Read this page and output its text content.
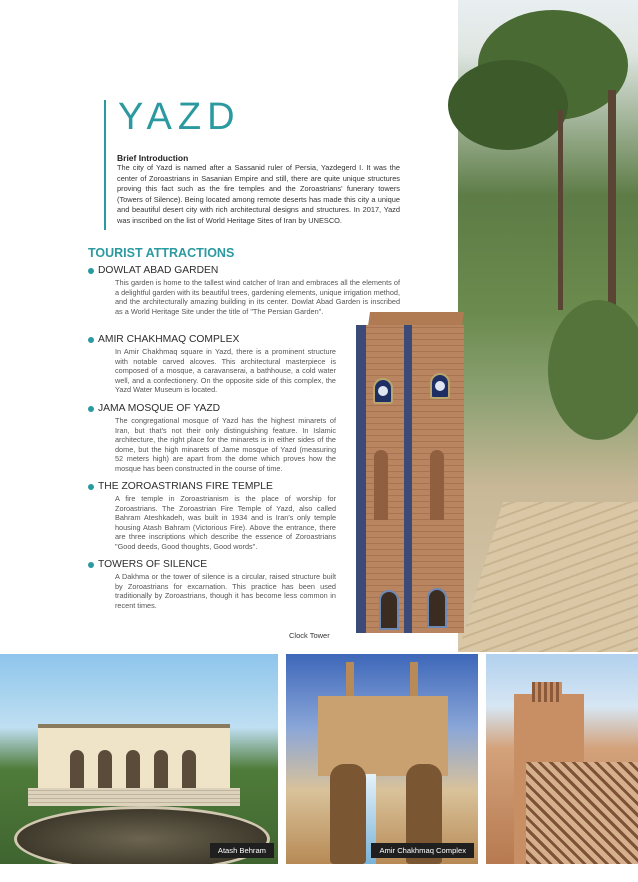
YAZD
Brief Introduction

The city of Yazd is named after a Sassanid ruler of Persia, Yazdegerd I. It was the center of Zoroastrians in Sasanian Empire and still, there are quite unique structures proving this fact such as the fire temples and the Zoroastrians' funerary towers (Towers of Silence). Being located among remote deserts has made this city a unique and beautiful desert city with rich architectural designs and structures. In 2017, Yazd was inscribed on the list of World Heritage Sites of Iran by UNESCO.

TOURIST ATTRACTIONS
DOWLAT ABAD GARDEN

This garden is home to the tallest wind catcher of Iran and embraces all the elements of a delightful garden with its beautiful trees, gardening elements, unique irrigation method, and the architecturally amazing building in its center. Dowlat Abad Garden is inscribed as a World Heritage Site under the title of "The Persian Garden".

AMIR CHAKHMAQ COMPLEX

In Amir Chakhmaq square in Yazd, there is a prominent structure with notable carved alcoves. This architectural masterpiece is composed of a mosque, a caravanserai, a bathhouse, a cold water well, and a confectionery. On the opposite side of this complex, the Yazd Water Museum is located.

JAMA MOSQUE OF YAZD

The congregational mosque of Yazd has the highest minarets of Iran, but that's not their only distinguishing feature. In Islamic architecture, the right place for the minarets is in either sides of the dome, but the high minarets of Jame mosque of Yazd (measuring 52 meters high) are apart from the dome which proves how the mosque has been constructed in the course of time.

THE ZOROASTRIANS FIRE TEMPLE

A fire temple in Zoroastrianism is the place of worship for Zoroastrians. The Zoroastrian Fire Temple of Yazd, also called Bahram Ateshkadeh, was built in 1934 and is Iran's only temple housing Atash Bahram (Victorious Fire). Above the entrance, there are three inscriptions which describe the essence of Zoroastrians "Good deeds, Good thoughts, Good words".

TOWERS OF SILENCE

A Dakhma or the tower of silence is a circular, raised structure built by Zoroastrians for excarnation. This practice has been used traditionally by Zoroastrians, though it has become less common in recent times.

Clock Tower
Atash Behram	Amir Chakhmaq Complex
